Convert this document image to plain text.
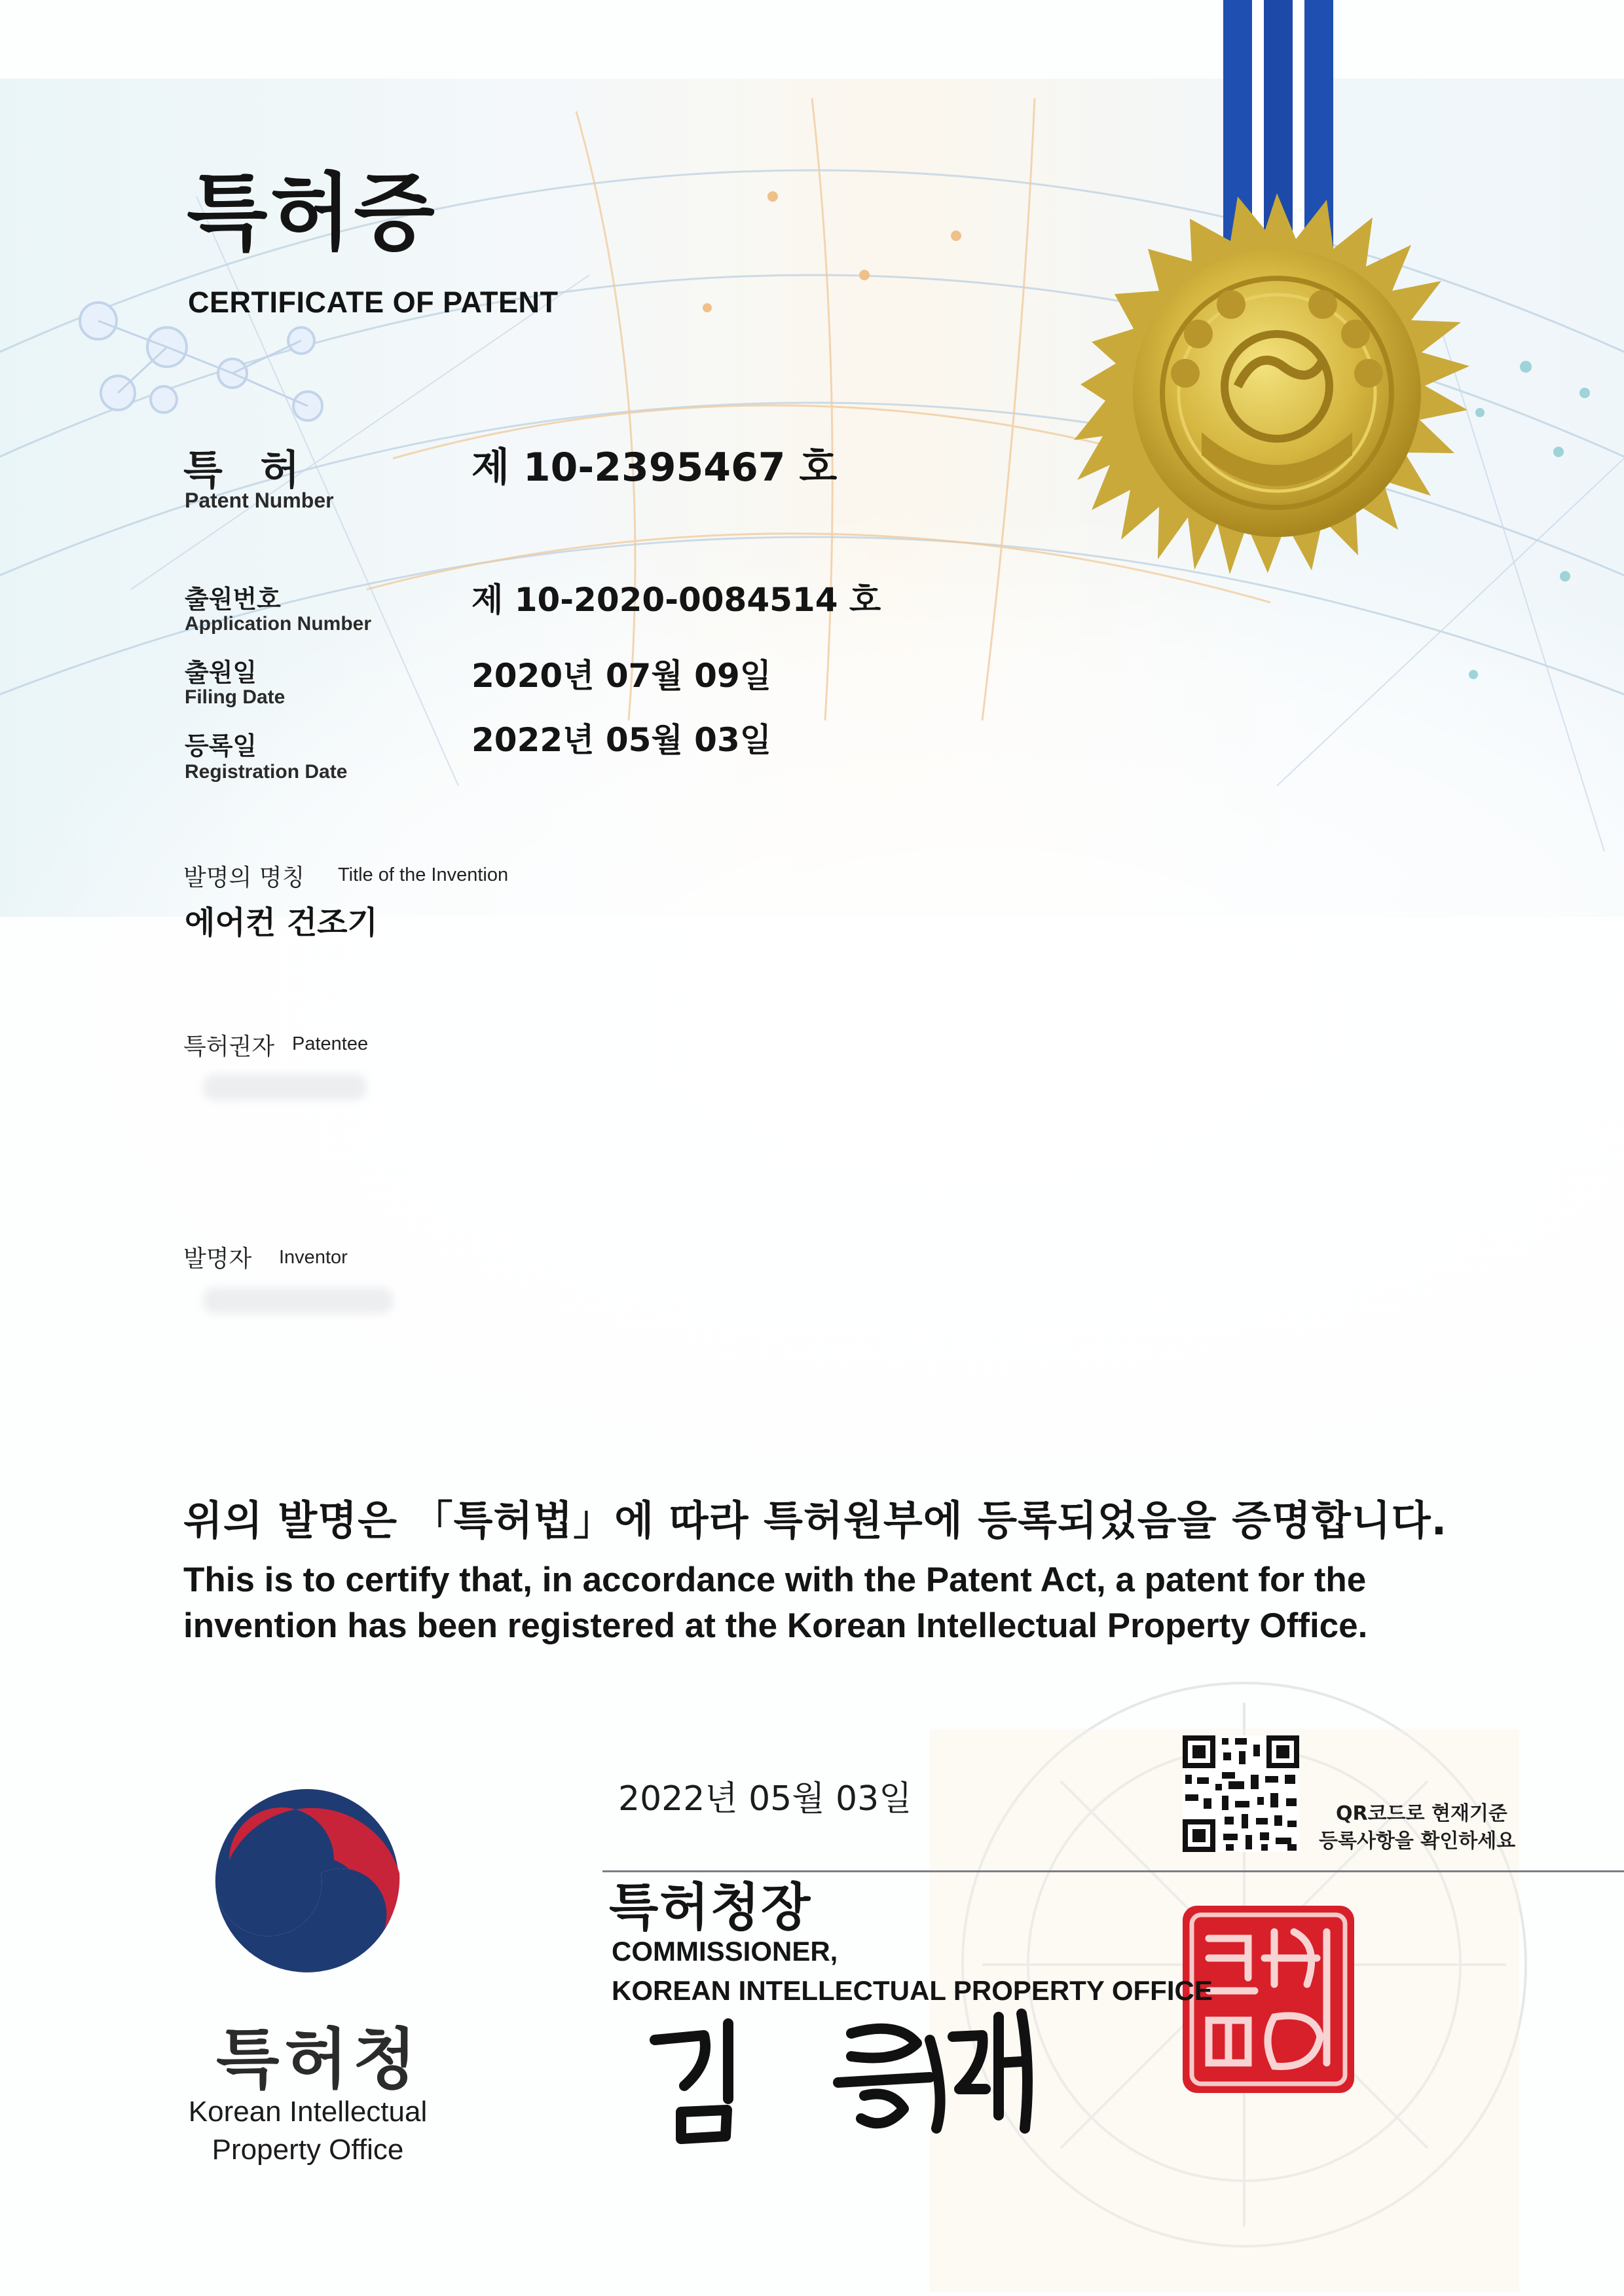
특허증
CERTIFICATE OF PATENT
특 허
Patent Number
제 10-2395467 호
출원번호
Application Number
제 10-2020-0084514 호
출원일
Filing Date
2020년 07월 09일
등록일
Registration Date
2022년 05월 03일
발명의 명칭 Title of the Invention
에어컨 건조기
특허권자 Patentee
발명자 Inventor
위의 발명은 「특허법」에 따라 특허원부에 등록되었음을 증명합니다.
This is to certify that, in accordance with the Patent Act, a patent for the
invention has been registered at the Korean Intellectual Property Office.
2022년 05월 03일
특허청장
COMMISSIONER,
KOREAN INTELLECTUAL PROPERTY OFFICE
특허청
Korean Intellectual
Property Office
QR코드로 현재기준
등록사항을 확인하세요
